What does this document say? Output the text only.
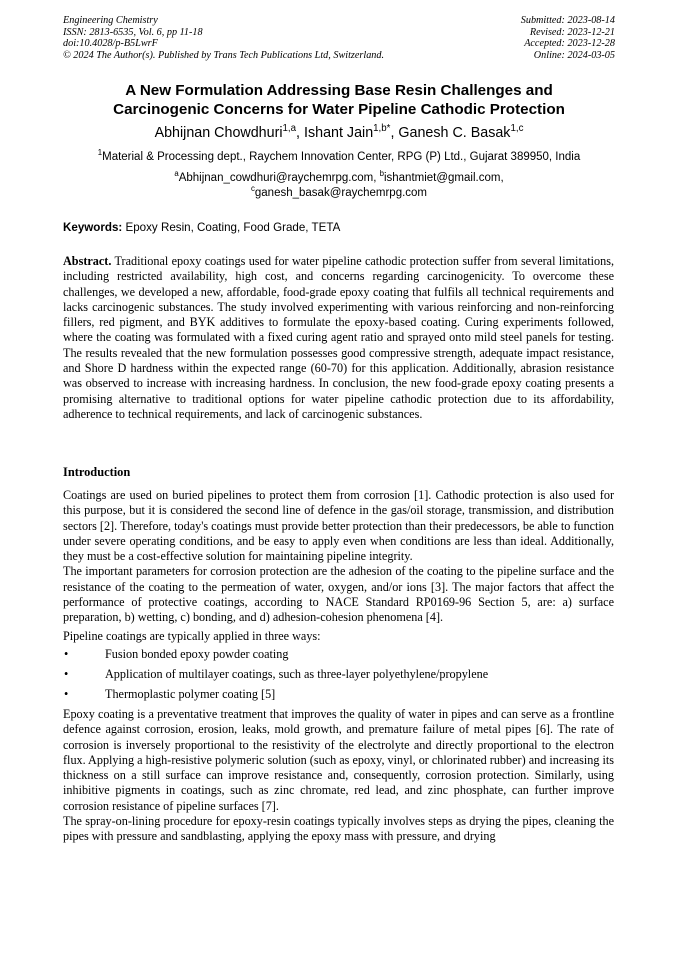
Engineering Chemistry
ISSN: 2813-6535, Vol. 6, pp 11-18
doi:10.4028/p-B5LwrF
© 2024 The Author(s). Published by Trans Tech Publications Ltd, Switzerland.
Submitted: 2023-08-14
Revised: 2023-12-21
Accepted: 2023-12-28
Online: 2024-03-05
A New Formulation Addressing Base Resin Challenges and
Carcinogenic Concerns for Water Pipeline Cathodic Protection
Abhijnan Chowdhuri$^{1,a}$, Ishant Jain$^{1,b*}$, Ganesh C. Basak$^{1,c}$
$^1$Material & Processing dept., Raychem Innovation Center, RPG (P) Ltd., Gujarat 389950, India
$^a$Abhijnan_cowdhuri@raychemrpg.com, $^b$ishantmiet@gmail.com,
$^c$ganesh_basak@raychemrpg.com
Keywords: Epoxy Resin, Coating, Food Grade, TETA
Abstract. Traditional epoxy coatings used for water pipeline cathodic protection suffer from several limitations, including restricted availability, high cost, and concerns regarding carcinogenicity. To overcome these challenges, we developed a new, affordable, food-grade epoxy coating that fulfils all technical requirements and lacks carcinogenic substances. The study involved experimenting with various reinforcing and non-reinforcing fillers, red pigment, and BYK additives to formulate the epoxy-based coating. Curing experiments followed, where the coating was formulated with a fixed curing agent ratio and sprayed onto mild steel panels for testing. The results revealed that the new formulation possesses good compressive strength, adequate impact resistance, and Shore D hardness within the expected range (60-70) for this application. Additionally, abrasion resistance was observed to increase with increasing hardness. In conclusion, the new food-grade epoxy coating presents a promising alternative to traditional options for water pipeline cathodic protection due to its affordability, adherence to technical requirements, and lack of carcinogenic substances.
Introduction

Coatings are used on buried pipelines to protect them from corrosion [1]. Cathodic protection is also used for this purpose, but it is considered the second line of defence in the gas/oil storage, transmission, and distribution sectors [2]. Therefore, today's coatings must provide better protection than their predecessors, be able to function under severe operating conditions, and be easy to apply even when conditions are less than ideal. Additionally, they must be a cost-effective solution for maintaining pipeline integrity.

The important parameters for corrosion protection are the adhesion of the coating to the pipeline surface and the resistance of the coating to the permeation of water, oxygen, and/or ions [3]. The major factors that affect the performance of protective coatings, according to NACE Standard RP0169-96 Section 5, are: a) surface preparation, b) wetting, c) bonding, and d) adhesion-cohesion phenomena [4].

Pipeline coatings are typically applied in three ways:

•	Fusion bonded epoxy powder coating
•	Application of multilayer coatings, such as three-layer polyethylene/propylene
•	Thermoplastic polymer coating [5]

Epoxy coating is a preventative treatment that improves the quality of water in pipes and can serve as a frontline defence against corrosion, erosion, leaks, mold growth, and premature failure of metal pipes [6]. The rate of corrosion is inversely proportional to the resistivity of the electrolyte and directly proportional to the electron flux. Applying a high-resistive polymeric solution (such as epoxy, vinyl, or chlorinated rubber) and increasing its thickness on a still surface can improve resistance and, consequently, corrosion protection. Similarly, using inhibitive pigments in coatings, such as zinc chromate, red lead, and zinc phosphate, can further improve corrosion resistance of pipeline surfaces [7].

The spray-on-lining procedure for epoxy-resin coatings typically involves steps as drying the pipes, cleaning the pipes with pressure and sandblasting, applying the epoxy mass with pressure, and drying
